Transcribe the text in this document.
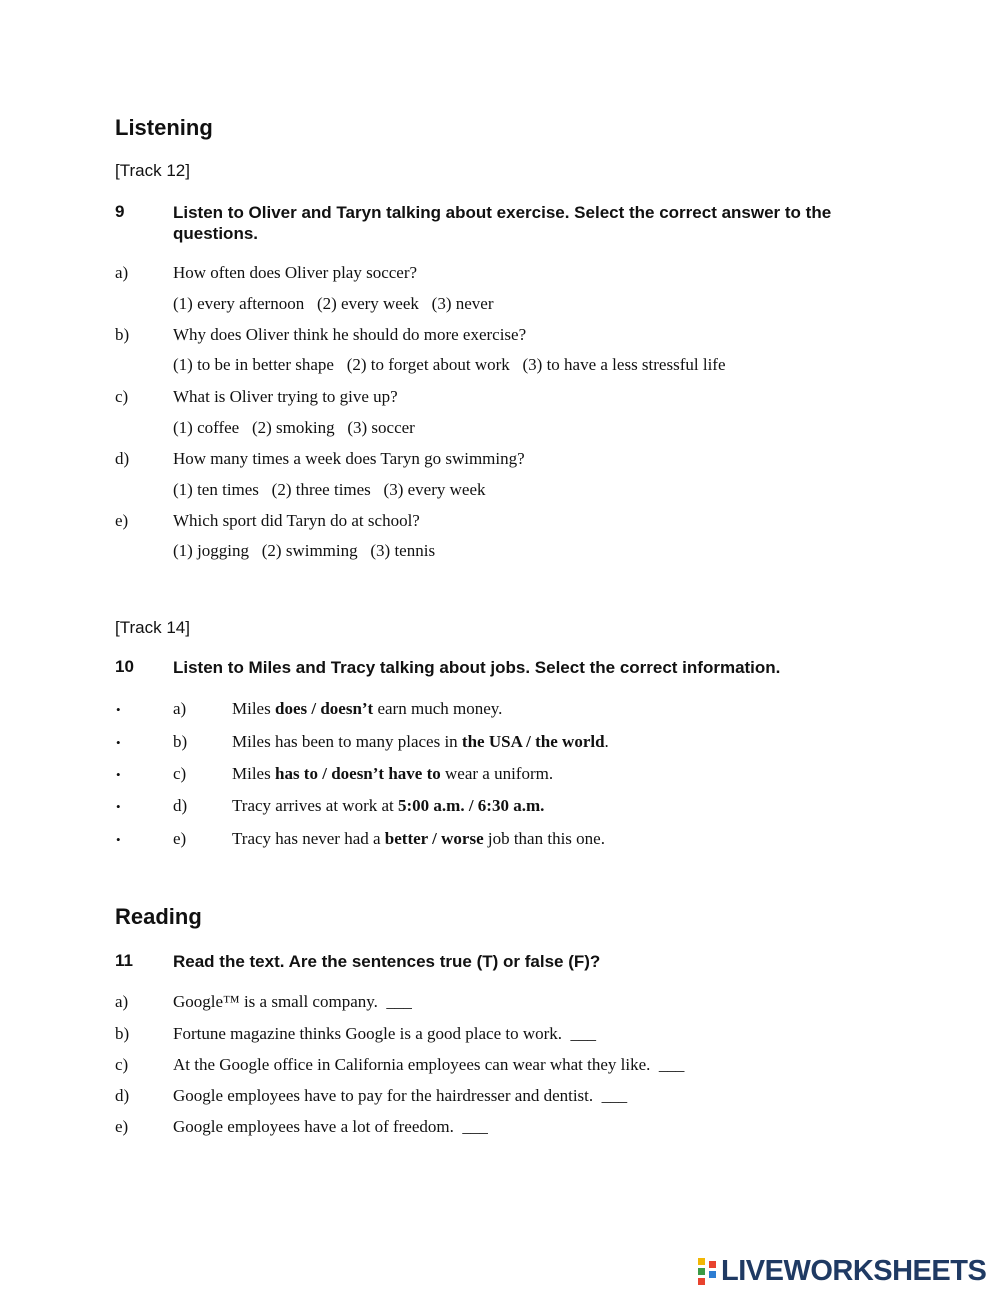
Listening
[Track 12]
9	Listen to Oliver and Taryn talking about exercise. Select the correct answer to the questions.
a)	How often does Oliver play soccer?
(1) every afternoon   (2) every week   (3) never
b)	Why does Oliver think he should do more exercise?
(1) to be in better shape   (2) to forget about work   (3) to have a less stressful life
c)	What is Oliver trying to give up?
(1) coffee   (2) smoking   (3) soccer
d)	How many times a week does Taryn go swimming?
(1) ten times   (2) three times   (3) every week
e)	Which sport did Taryn do at school?
(1) jogging   (2) swimming   (3) tennis
[Track 14]
10 Listen to Miles and Tracy talking about jobs. Select the correct information.
•	a)	Miles does / doesn’t earn much money.
•	b)	Miles has been to many places in the USA / the world.
•	c)	Miles has to / doesn’t have to wear a uniform.
•	d)	Tracy arrives at work at 5:00 a.m. / 6:30 a.m.
•	e)	Tracy has never had a better / worse job than this one.
Reading
11 Read the text. Are the sentences true (T) or false (F)?
a)	Google™ is a small company.  ___
b)	Fortune magazine thinks Google is a good place to work.  ___
c)	At the Google office in California employees can wear what they like.  ___
d)	Google employees have to pay for the hairdresser and dentist.  ___
e)	Google employees have a lot of freedom.  ___
LIVEWORKSHEETS
